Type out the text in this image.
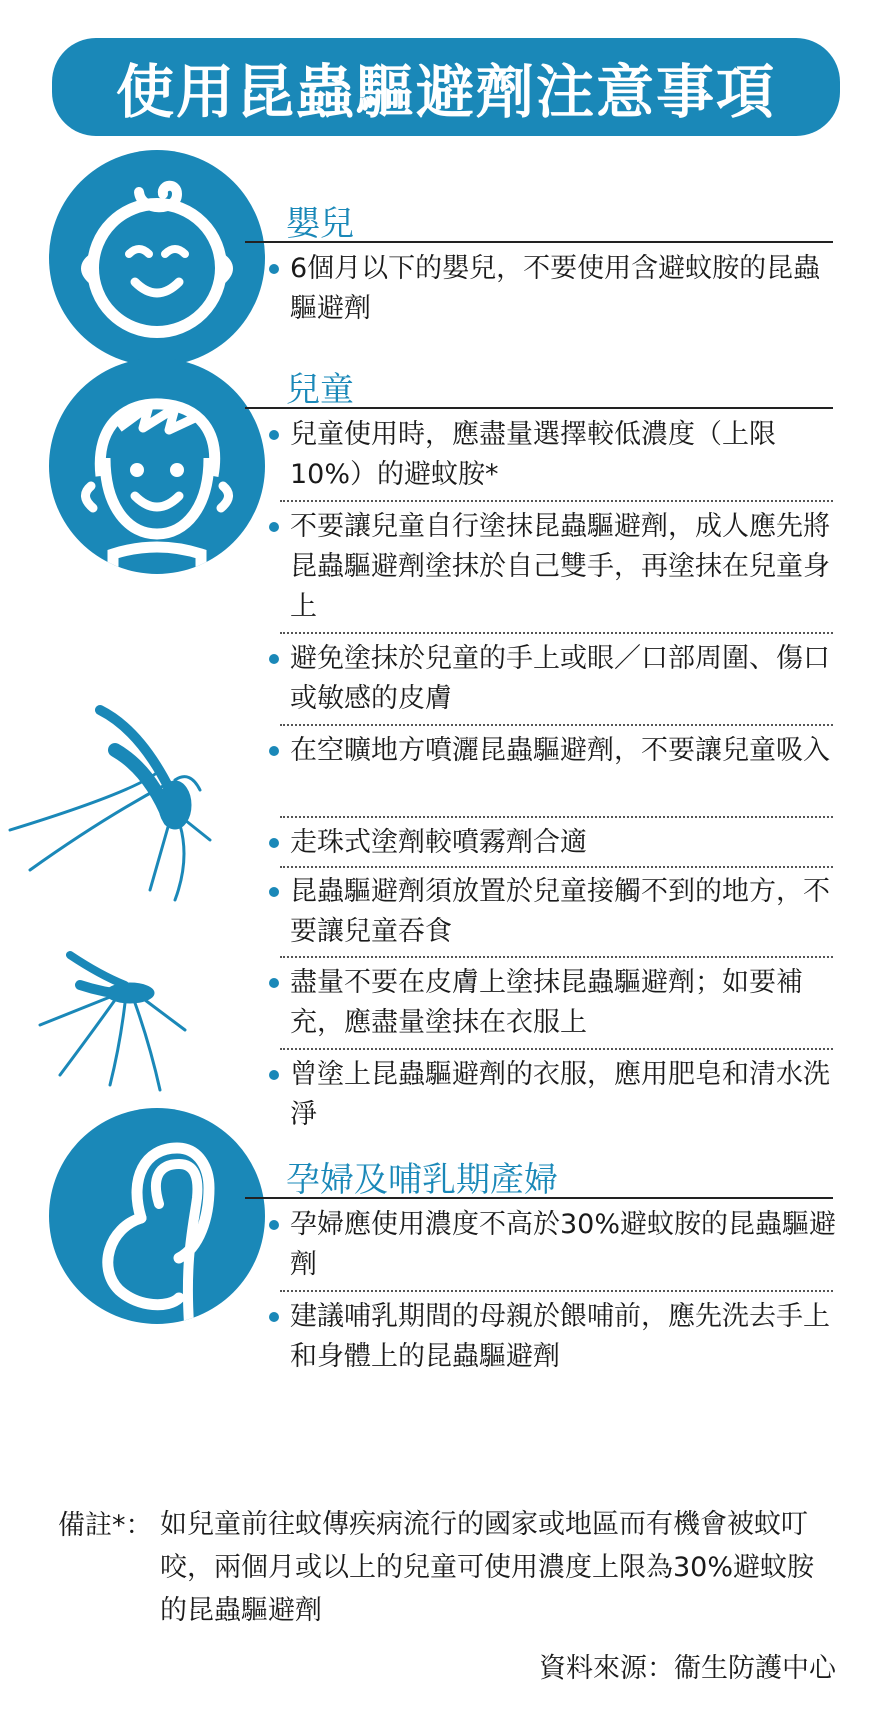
使用昆蟲驅避劑注意事項
嬰兒
6個月以下的嬰兒，不要使用含避蚊胺的昆蟲驅避劑
兒童
兒童使用時，應盡量選擇較低濃度（上限10%）的避蚊胺*
不要讓兒童自行塗抹昆蟲驅避劑，成人應先將昆蟲驅避劑塗抹於自己雙手，再塗抹在兒童身上
避免塗抹於兒童的手上或眼／口部周圍、傷口或敏感的皮膚
在空曠地方噴灑昆蟲驅避劑，不要讓兒童吸入
走珠式塗劑較噴霧劑合適
昆蟲驅避劑須放置於兒童接觸不到的地方，不要讓兒童吞食
盡量不要在皮膚上塗抹昆蟲驅避劑；如要補充，應盡量塗抹在衣服上
曾塗上昆蟲驅避劑的衣服，應用肥皂和清水洗淨
孕婦及哺乳期產婦
孕婦應使用濃度不高於30%避蚊胺的昆蟲驅避劑
建議哺乳期間的母親於餵哺前，應先洗去手上和身體上的昆蟲驅避劑
備註*： 如兒童前往蚊傳疾病流行的國家或地區而有機會被蚊叮咬，兩個月或以上的兒童可使用濃度上限為30%避蚊胺的昆蟲驅避劑
資料來源：衞生防護中心
